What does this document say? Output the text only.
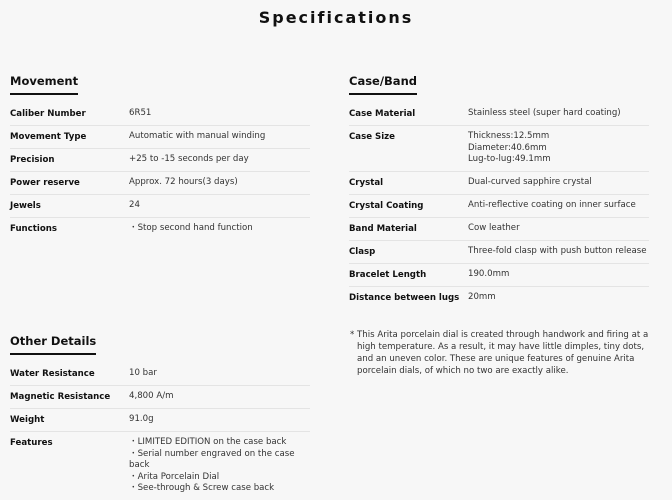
Specifications
Movement
Caliber Number	6R51
Movement Type	Automatic with manual winding
Precision	+25 to -15 seconds per day
Power reserve	Approx. 72 hours(3 days)
Jewels	24
Functions	・Stop second hand function
Case/Band
Case Material	Stainless steel (super hard coating)
Case Size	Thickness:12.5mm
Diameter:40.6mm
Lug-to-lug:49.1mm
Crystal	Dual-curved sapphire crystal
Crystal Coating	Anti-reflective coating on inner surface
Band Material	Cow leather
Clasp	Three-fold clasp with push button release
Bracelet Length	190.0mm
Distance between lugs	20mm
Other Details
Water Resistance	10 bar
Magnetic Resistance	4,800 A/m
Weight	91.0g
Features	・LIMITED EDITION on the case back
・Serial number engraved on the case back
・Arita Porcelain Dial
・See-through & Screw case back
* This Arita porcelain dial is created through handwork and firing at a high temperature. As a result, it may have little dimples, tiny dots, and an uneven color. These are unique features of genuine Arita porcelain dials, of which no two are exactly alike.
